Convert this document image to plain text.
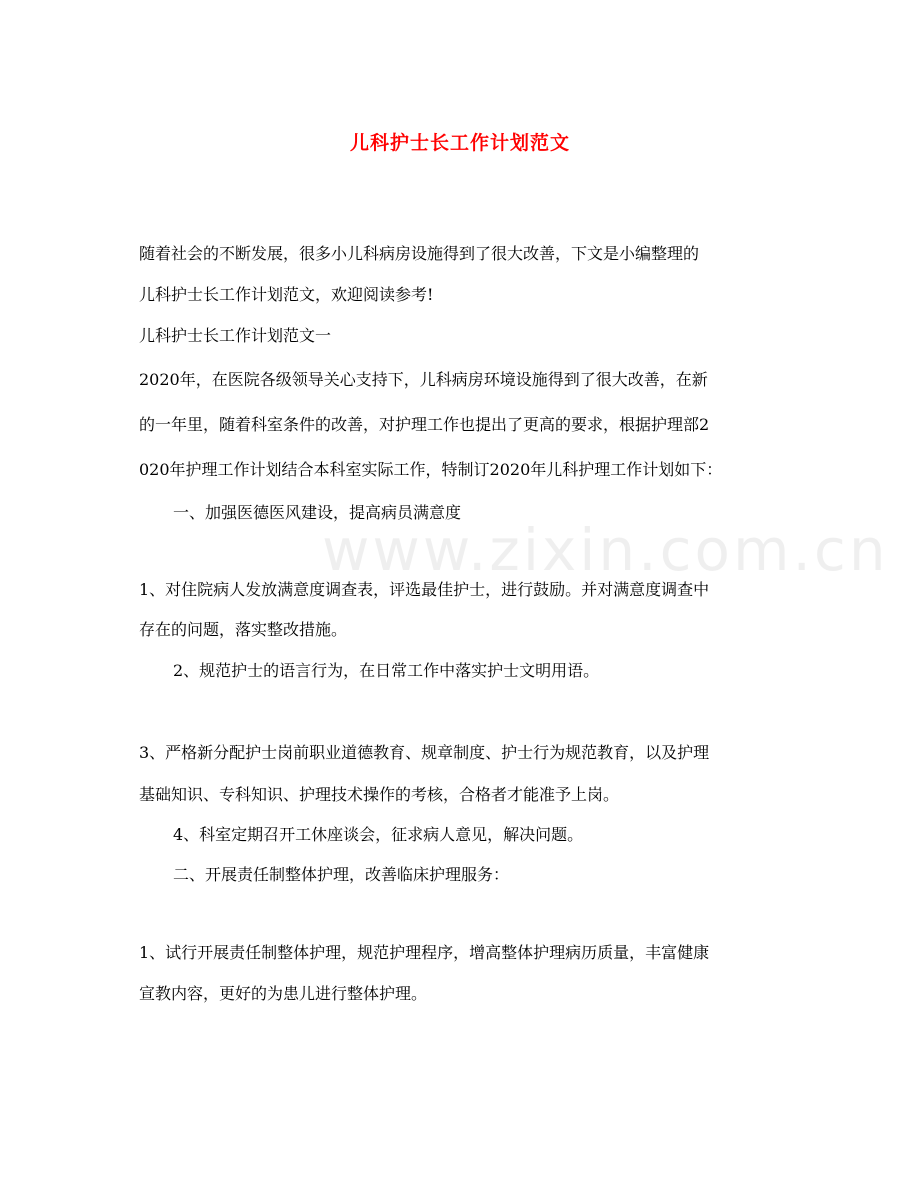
www.zixin.com.cn
儿科护士长工作计划范文
随着社会的不断发展，很多小儿科病房设施得到了很大改善，下文是小编整理的
儿科护士长工作计划范文，欢迎阅读参考!
儿科护士长工作计划范文一
2020年，在医院各级领导关心支持下，儿科病房环境设施得到了很大改善，在新
的一年里，随着科室条件的改善，对护理工作也提出了更高的要求，根据护理部2
020年护理工作计划结合本科室实际工作，特制订2020年儿科护理工作计划如下：
一、加强医德医风建设，提高病员满意度
1、对住院病人发放满意度调查表，评选最佳护士，进行鼓励。并对满意度调查中
存在的问题，落实整改措施。
2、规范护士的语言行为，在日常工作中落实护士文明用语。
3、严格新分配护士岗前职业道德教育、规章制度、护士行为规范教育，以及护理
基础知识、专科知识、护理技术操作的考核，合格者才能准予上岗。
4、科室定期召开工休座谈会，征求病人意见，解决问题。
二、开展责任制整体护理，改善临床护理服务：
1、试行开展责任制整体护理，规范护理程序，增高整体护理病历质量，丰富健康
宣教内容，更好的为患儿进行整体护理。
